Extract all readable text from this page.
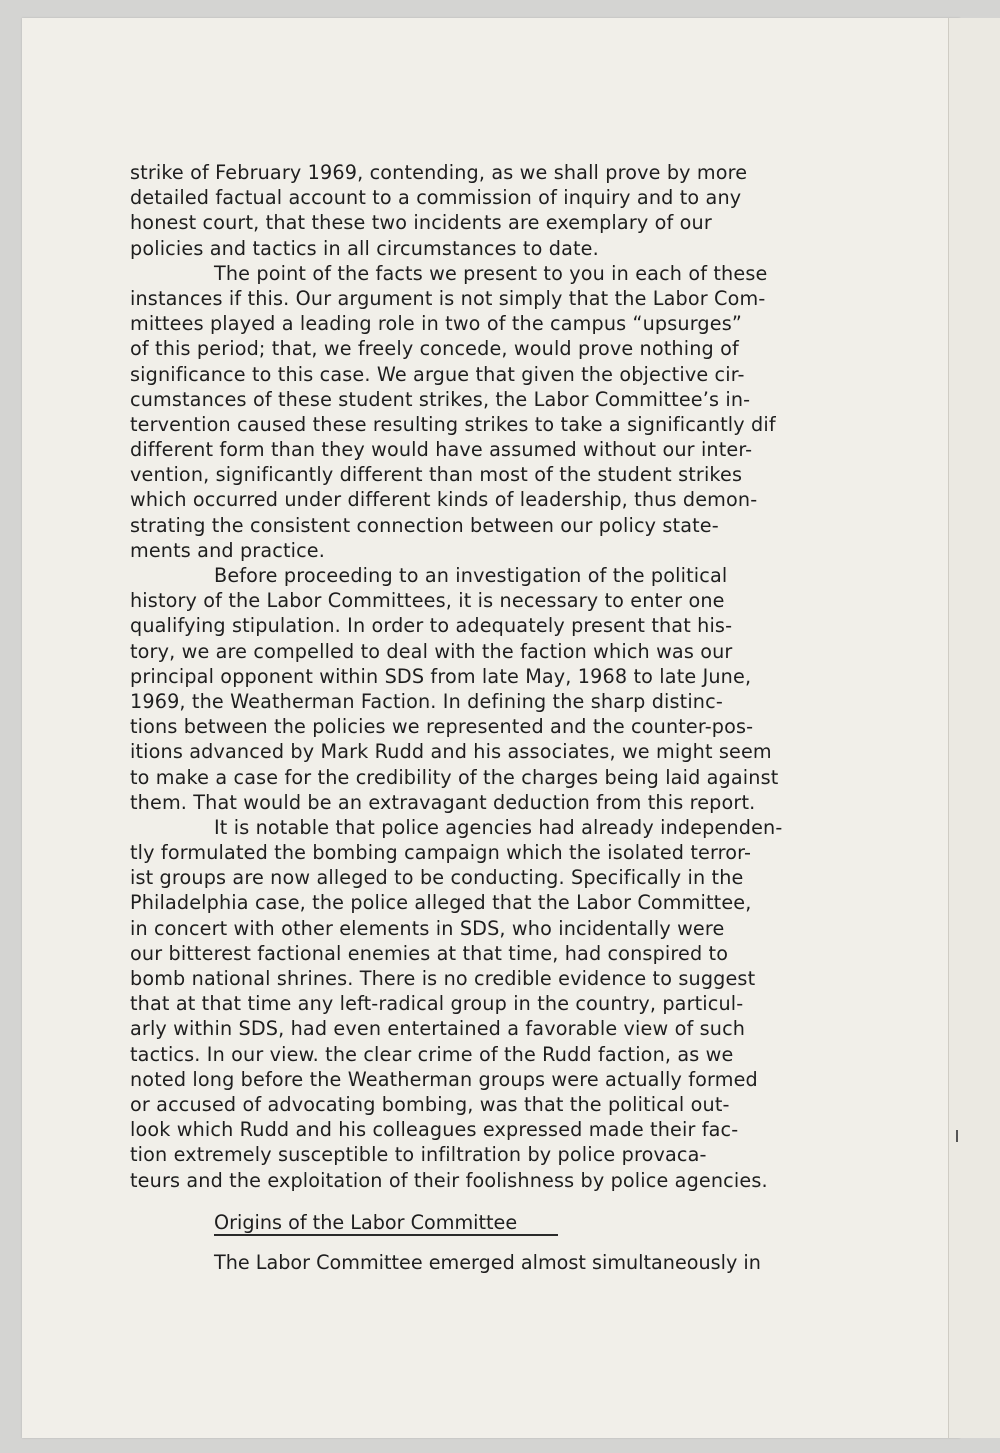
strike of February 1969, contending, as we shall prove by more
detailed factual account to a commission of inquiry and to any
honest court, that these two incidents are exemplary of our
policies and tactics in all circumstances to date.
The point of the facts we present to you in each of these
instances if this. Our argument is not simply that the Labor Com-
mittees played a leading role in two of the campus “upsurges”
of this period; that, we freely concede, would prove nothing of
significance to this case. We argue that given the objective cir-
cumstances of these student strikes, the Labor Committee’s in-
tervention caused these resulting strikes to take a significantly dif
different form than they would have assumed without our inter-
vention, significantly different than most of the student strikes
which occurred under different kinds of leadership, thus demon-
strating the consistent connection between our policy state-
ments and practice.
Before proceeding to an investigation of the political
history of the Labor Committees, it is necessary to enter one
qualifying stipulation. In order to adequately present that his-
tory, we are compelled to deal with the faction which was our
principal opponent within SDS from late May, 1968 to late June,
1969, the Weatherman Faction. In defining the sharp distinc-
tions between the policies we represented and the counter-pos-
itions advanced by Mark Rudd and his associates, we might seem
to make a case for the credibility of the charges being laid against
them. That would be an extravagant deduction from this report.
It is notable that police agencies had already independen-
tly formulated the bombing campaign which the isolated terror-
ist groups are now alleged to be conducting. Specifically in the
Philadelphia case, the police alleged that the Labor Committee,
in concert with other elements in SDS, who incidentally were
our bitterest factional enemies at that time, had conspired to
bomb national shrines. There is no credible evidence to suggest
that at that time any left-radical group in the country, particul-
arly within SDS, had even entertained a favorable view of such
tactics. In our view. the clear crime of the Rudd faction, as we
noted long before the Weatherman groups were actually formed
or accused of advocating bombing, was that the political out-
look which Rudd and his colleagues expressed made their fac-
tion extremely susceptible to infiltration by police provaca-
teurs and the exploitation of their foolishness by police agencies.
Origins of the Labor Committee
The Labor Committee emerged almost simultaneously in
